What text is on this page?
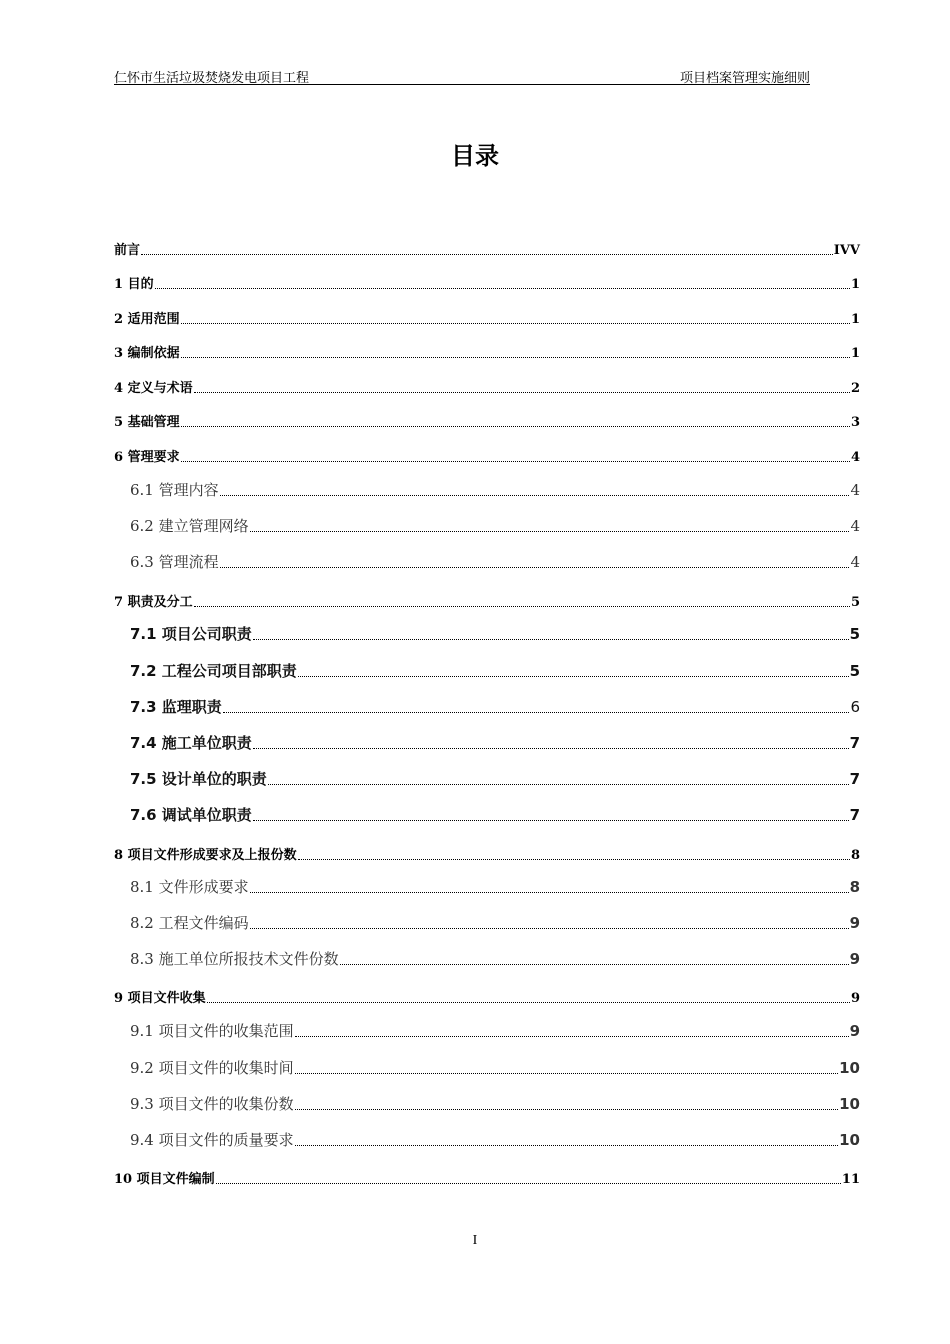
仁怀市生活垃圾焚烧发电项目工程	项目档案管理实施细则
目录
前言	IVV
1 目的	1
2 适用范围	1
3 编制依据	1
4 定义与术语	2
5 基础管理	3
6 管理要求	4
6.1 管理内容	4
6.2 建立管理网络	4
6.3 管理流程	4
7 职责及分工	5
7.1 项目公司职责	5
7.2 工程公司项目部职责	5
7.3 监理职责	6
7.4 施工单位职责	7
7.5 设计单位的职责	7
7.6 调试单位职责	7
8 项目文件形成要求及上报份数	8
8.1 文件形成要求	8
8.2 工程文件编码	9
8.3 施工单位所报技术文件份数	9
9 项目文件收集	9
9.1 项目文件的收集范围	9
9.2 项目文件的收集时间	10
9.3 项目文件的收集份数	10
9.4 项目文件的质量要求	10
10 项目文件编制	11
I
